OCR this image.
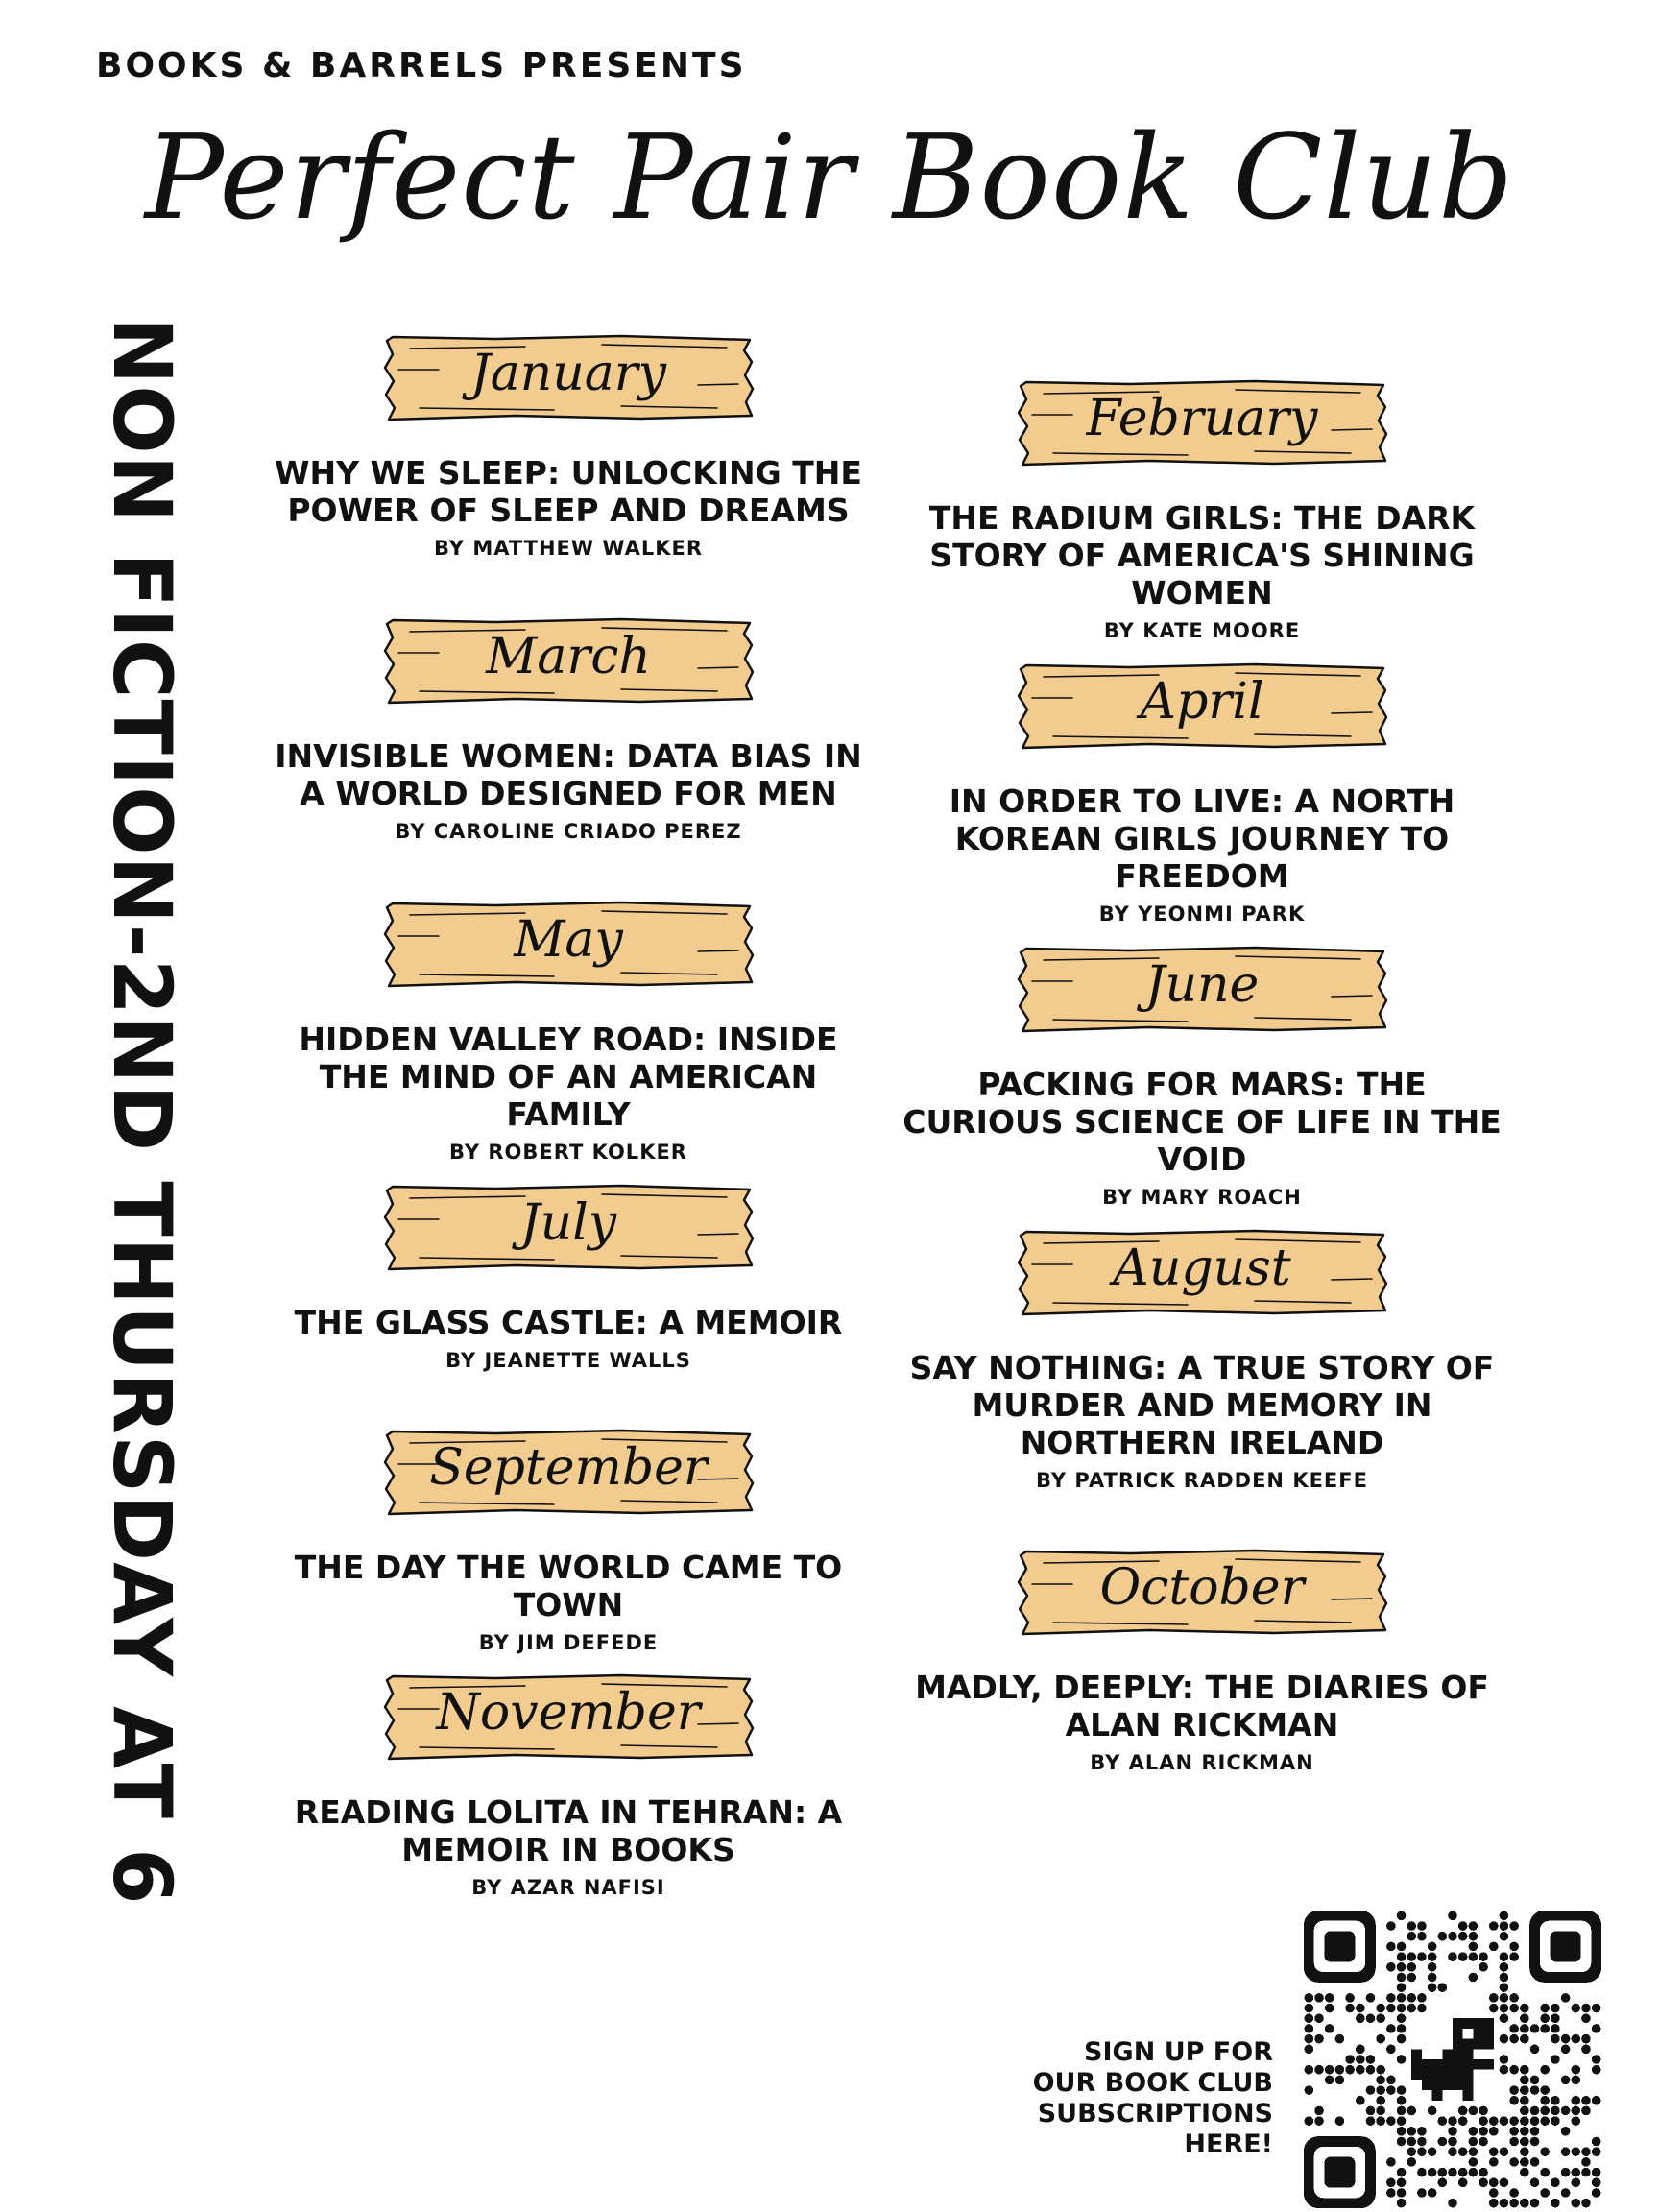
BOOKS & BARRELS PRESENTS
Perfect Pair Book Club
NON FICTION-2ND THURSDAY AT 6	January
WHY WE SLEEP: UNLOCKING THE POWER OF SLEEP AND DREAMS
BY MATTHEW WALKER
March
INVISIBLE WOMEN: DATA BIAS IN A WORLD DESIGNED FOR MEN
BY CAROLINE CRIADO PEREZ
May
HIDDEN VALLEY ROAD: INSIDE THE MIND OF AN AMERICAN FAMILY
BY ROBERT KOLKER
July
THE GLASS CASTLE: A MEMOIR
BY JEANETTE WALLS
September
THE DAY THE WORLD CAME TO TOWN
BY JIM DEFEDE
November
READING LOLITA IN TEHRAN: A MEMOIR IN BOOKS
BY AZAR NAFISI
February
THE RADIUM GIRLS: THE DARK STORY OF AMERICA'S SHINING WOMEN
BY KATE MOORE
April
IN ORDER TO LIVE: A NORTH KOREAN GIRLS JOURNEY TO FREEDOM
BY YEONMI PARK
June
PACKING FOR MARS: THE CURIOUS SCIENCE OF LIFE IN THE VOID
BY MARY ROACH
August
SAY NOTHING: A TRUE STORY OF MURDER AND MEMORY IN NORTHERN IRELAND
BY PATRICK RADDEN KEEFE
October
MADLY, DEEPLY: THE DIARIES OF ALAN RICKMAN
BY ALAN RICKMAN
SIGN UP FOR OUR BOOK CLUB SUBSCRIPTIONS HERE!
